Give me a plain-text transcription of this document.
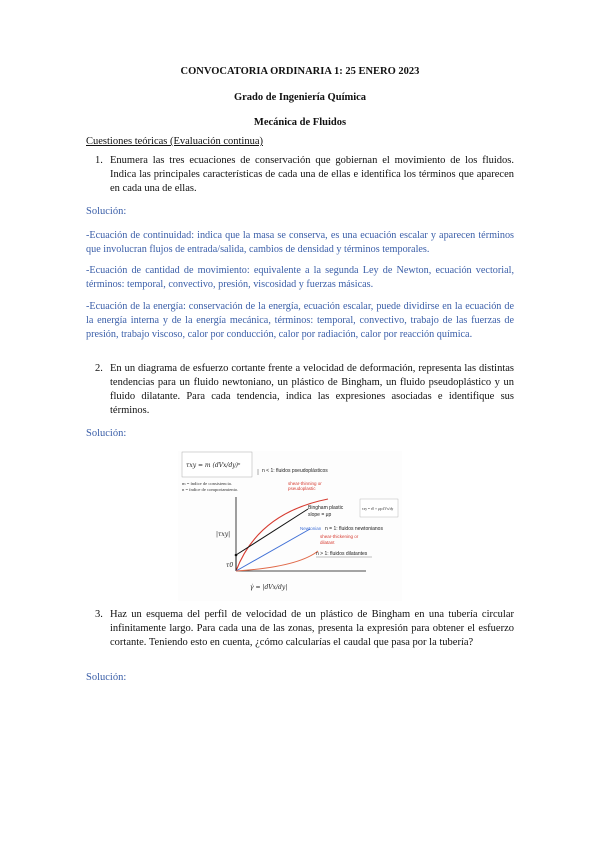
CONVOCATORIA ORDINARIA 1: 25 ENERO 2023
Grado de Ingeniería Química
Mecánica de Fluidos
Cuestiones teóricas (Evaluación continua)
1. Enumera las tres ecuaciones de conservación que gobiernan el movimiento de los fluidos. Indica las principales características de cada una de ellas e identifica los términos que aparecen en cada una de ellas.
Solución:
-Ecuación de continuidad: indica que la masa se conserva, es una ecuación escalar y aparecen términos que involucran flujos de entrada/salida, cambios de densidad y términos temporales.
-Ecuación de cantidad de movimiento: equivalente a la segunda Ley de Newton, ecuación vectorial, términos: temporal, convectivo, presión, viscosidad y fuerzas másicas.
-Ecuación de la energía: conservación de la energía, ecuación escalar, puede dividirse en la ecuación de la energía interna y de la energía mecánica, términos: temporal, convectivo, trabajo de las fuerzas de presión, trabajo viscoso, calor por conducción, calor por radiación, calor por reacción química.
2. En un diagrama de esfuerzo cortante frente a velocidad de deformación, representa las distintas tendencias para un fluido newtoniano, un plástico de Bingham, un fluido pseudoplástico y un fluido dilatante. Para cada tendencia, indica las expresiones asociadas e identifique sus términos.
Solución:
τxy = m (dVx/dy)ⁿ
m = índice de consistencia.
n = índice de comportamiento.
n < 1: fluidos pseudoplásticos
|τxy|
τ0
γ̇ = |dVx/dy|
shear-thinning or
pseudoplastic
Bingham plastic
slope = μp
Newtonian n = 1: fluidos newtonianos
shear-thickening or
dilatant
n > 1: fluidos dilatantes
τxy = τ0 + μp dVx/dy
3. Haz un esquema del perfil de velocidad de un plástico de Bingham en una tubería circular infinitamente largo. Para cada una de las zonas, presenta la expresión para obtener el esfuerzo cortante. Teniendo esto en cuenta, ¿cómo calcularías el caudal que pasa por la tubería?
Solución:
